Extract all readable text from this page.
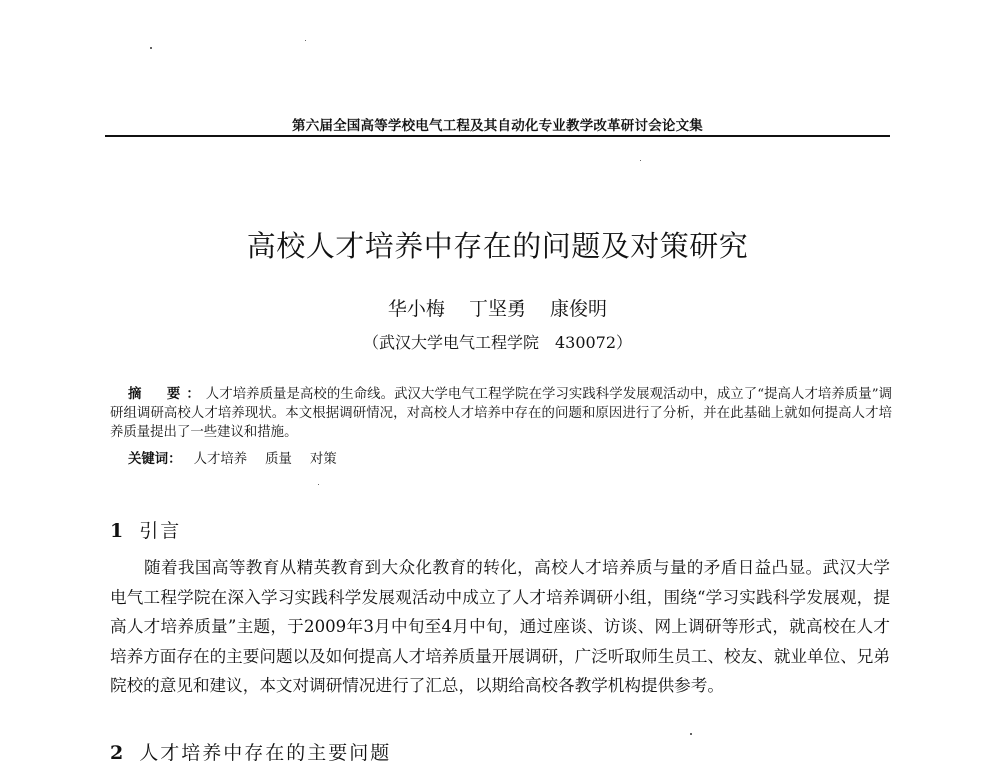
第六届全国高等学校电气工程及其自动化专业教学改革研讨会论文集
高校人才培养中存在的问题及对策研究
华小梅 丁坚勇 康俊明
（武汉大学电气工程学院　430072）
摘　要：人才培养质量是高校的生命线。武汉大学电气工程学院在学习实践科学发展观活动中，成立了“提高人才培养质量”调研组调研高校人才培养现状。本文根据调研情况，对高校人才培养中存在的问题和原因进行了分析，并在此基础上就如何提高人才培养质量提出了一些建议和措施。
关键词： 人才培养 质量 对策
1 引言
随着我国高等教育从精英教育到大众化教育的转化，高校人才培养质与量的矛盾日益凸显。武汉大学电气工程学院在深入学习实践科学发展观活动中成立了人才培养调研小组，围绕“学习实践科学发展观，提高人才培养质量”主题，于2009年3月中旬至4月中旬，通过座谈、访谈、网上调研等形式，就高校在人才培养方面存在的主要问题以及如何提高人才培养质量开展调研，广泛听取师生员工、校友、就业单位、兄弟院校的意见和建议，本文对调研情况进行了汇总，以期给高校各教学机构提供参考。
2 人才培养中存在的主要问题
